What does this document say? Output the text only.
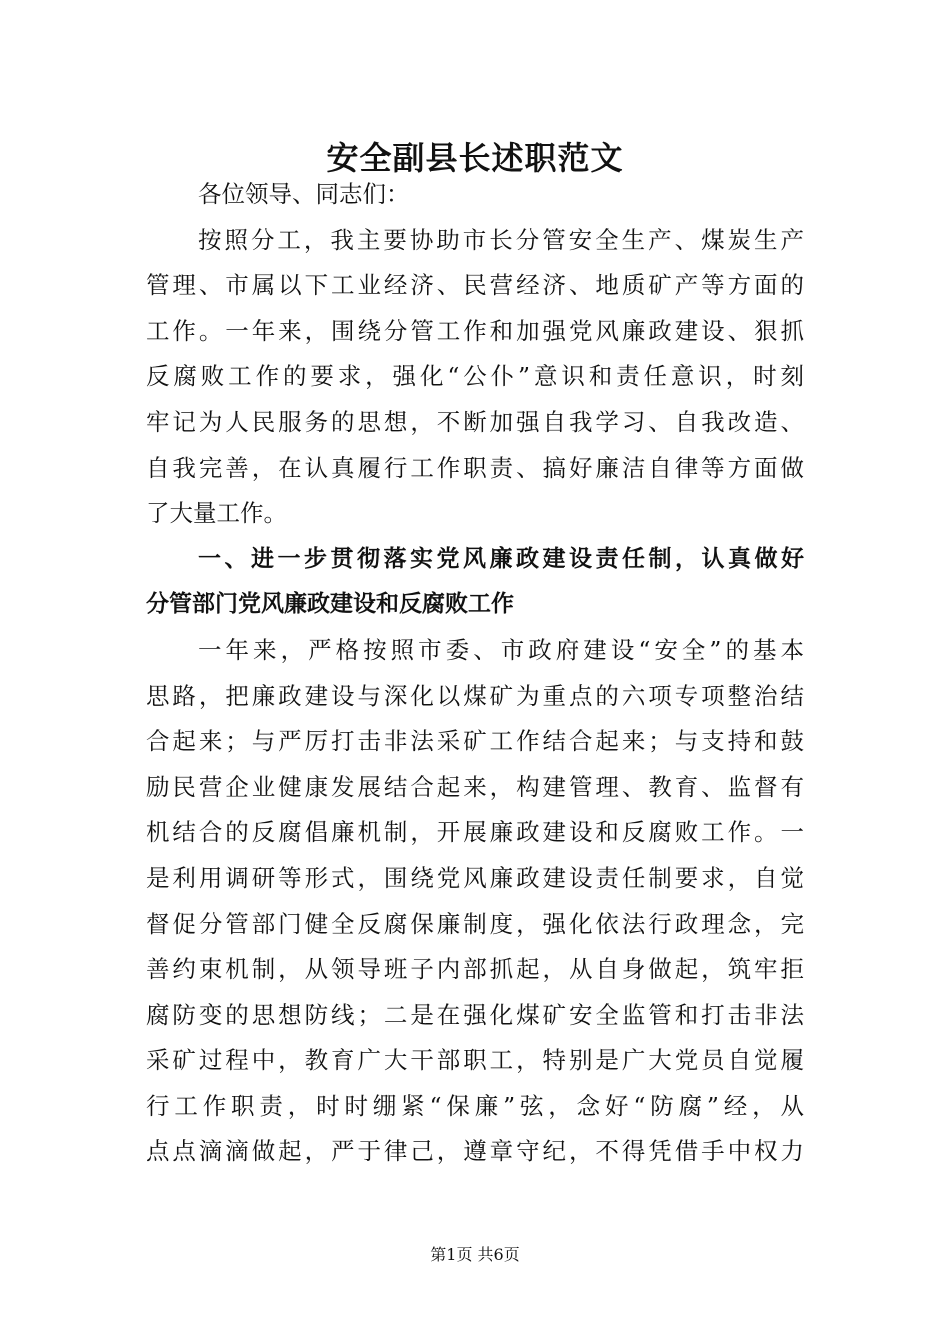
安全副县长述职范文
各位领导、同志们：
按照分工，我主要协助市长分管安全生产、煤炭生产
管理、市属以下工业经济、民营经济、地质矿产等方面的
工作。一年来，围绕分管工作和加强党风廉政建设、狠抓
反腐败工作的要求，强化“公仆”意识和责任意识，时刻
牢记为人民服务的思想，不断加强自我学习、自我改造、
自我完善，在认真履行工作职责、搞好廉洁自律等方面做
了大量工作。
一、进一步贯彻落实党风廉政建设责任制，认真做好
分管部门党风廉政建设和反腐败工作
一年来，严格按照市委、市政府建设“安全”的基本
思路，把廉政建设与深化以煤矿为重点的六项专项整治结
合起来；与严厉打击非法采矿工作结合起来；与支持和鼓
励民营企业健康发展结合起来，构建管理、教育、监督有
机结合的反腐倡廉机制，开展廉政建设和反腐败工作。一
是利用调研等形式，围绕党风廉政建设责任制要求，自觉
督促分管部门健全反腐保廉制度，强化依法行政理念，完
善约束机制，从领导班子内部抓起，从自身做起，筑牢拒
腐防变的思想防线；二是在强化煤矿安全监管和打击非法
采矿过程中，教育广大干部职工，特别是广大党员自觉履
行工作职责，时时绷紧“保廉”弦，念好“防腐”经，从
点点滴滴做起，严于律己，遵章守纪，不得凭借手中权力
第1页 共6页
